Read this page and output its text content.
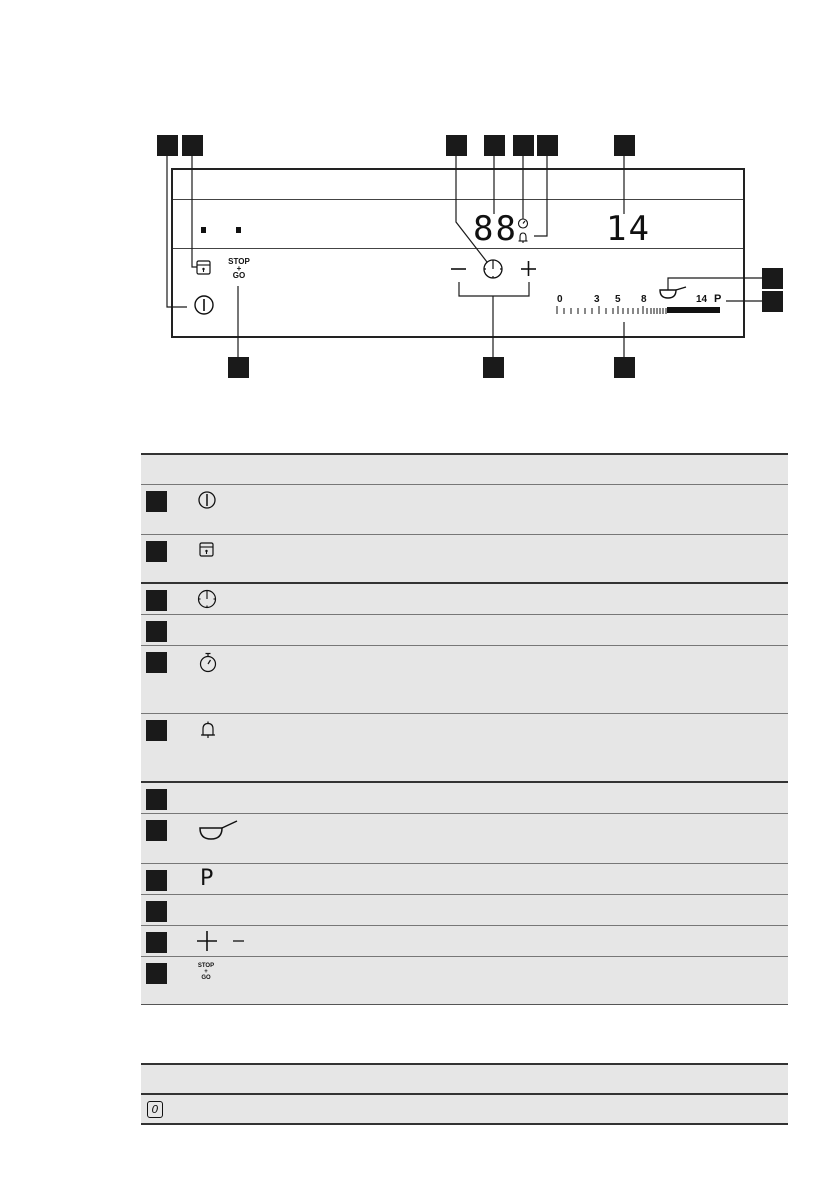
88	14
STOP
+
GO
0	3 5 8	14 P
P
STOP
+
GO
0
